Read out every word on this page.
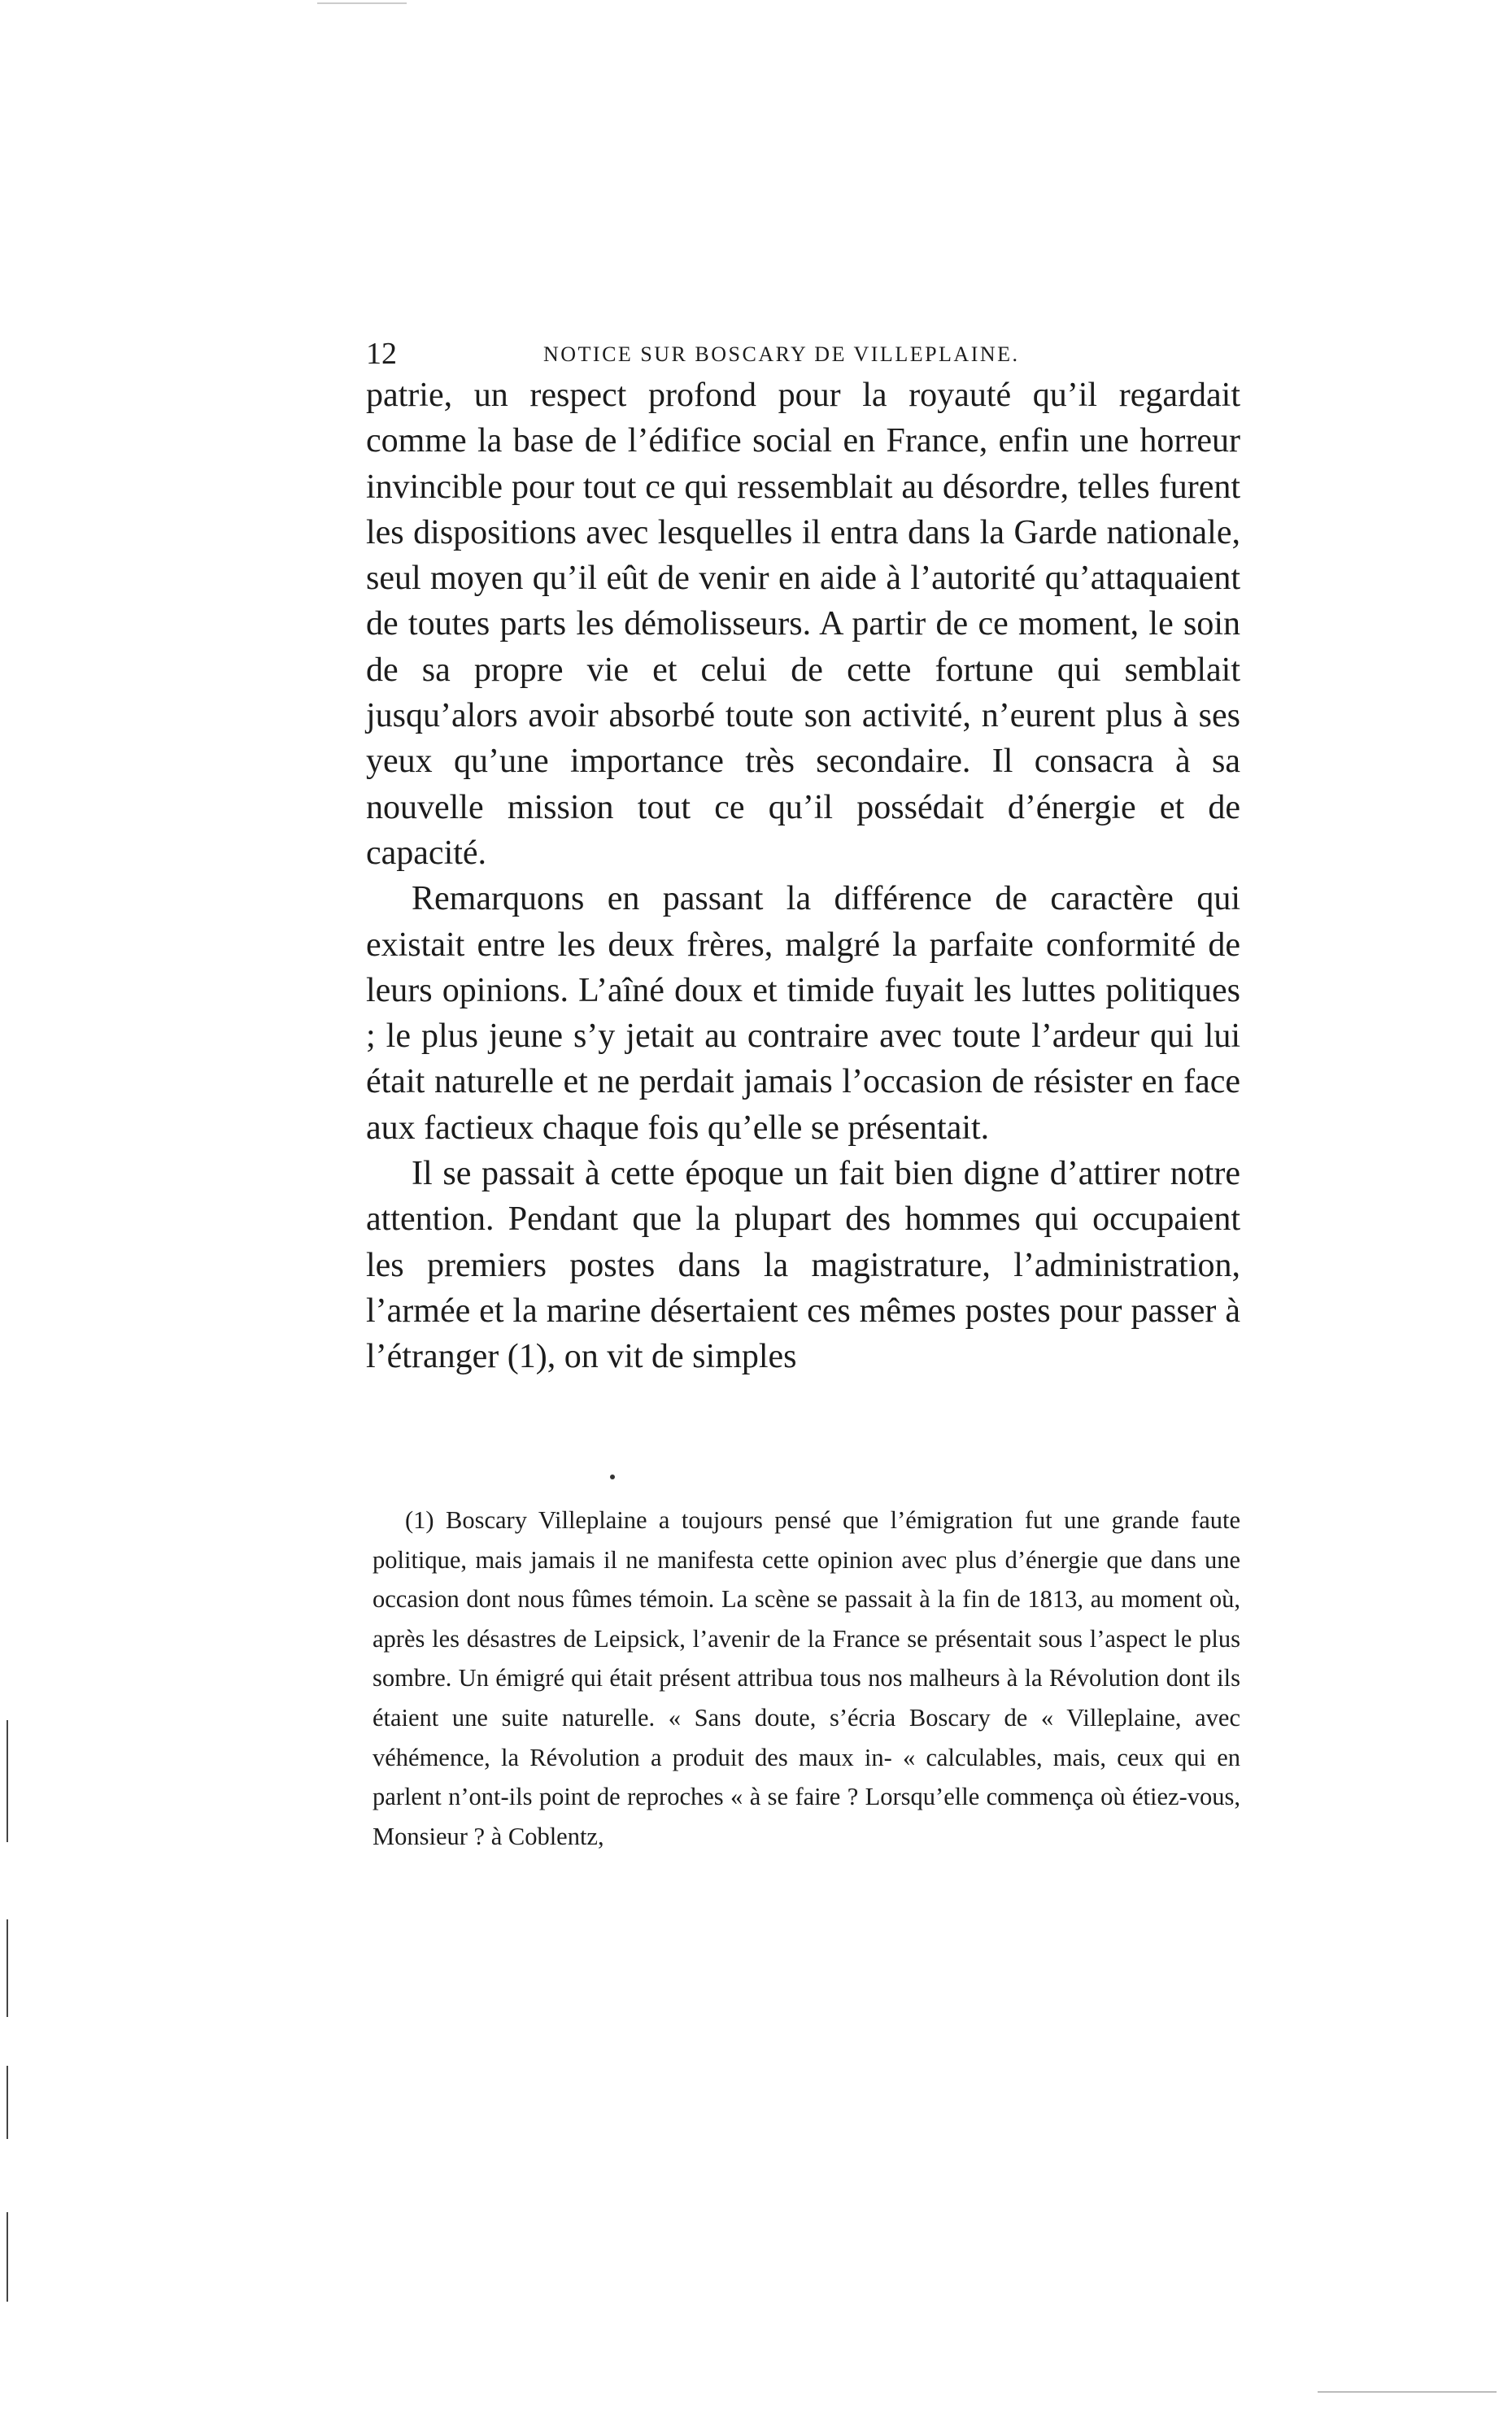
12	NOTICE SUR BOSCARY DE VILLEPLAINE.

patrie, un respect profond pour la royauté qu’il regardait comme la base de l’édifice social en France, enfin une horreur invincible pour tout ce qui ressemblait au désordre, telles furent les dispositions avec lesquelles il entra dans la Garde nationale, seul moyen qu’il eût de venir en aide à l’autorité qu’attaquaient de toutes parts les démolisseurs. A partir de ce moment, le soin de sa propre vie et celui de cette fortune qui semblait jusqu’alors avoir absorbé toute son activité, n’eurent plus à ses yeux qu’une importance très secondaire. Il consacra à sa nouvelle mission tout ce qu’il possédait d’énergie et de capacité.

Remarquons en passant la différence de caractère qui existait entre les deux frères, malgré la parfaite conformité de leurs opinions. L’aîné doux et timide fuyait les luttes politiques ; le plus jeune s’y jetait au contraire avec toute l’ardeur qui lui était naturelle et ne perdait jamais l’occasion de résister en face aux factieux chaque fois qu’elle se présentait.

Il se passait à cette époque un fait bien digne d’attirer notre attention. Pendant que la plupart des hommes qui occupaient les premiers postes dans la magistrature, l’administration, l’armée et la marine désertaient ces mêmes postes pour passer à l’étranger (1), on vit de simples

(1) Boscary Villeplaine a toujours pensé que l’émigration fut une grande faute politique, mais jamais il ne manifesta cette opinion avec plus d’énergie que dans une occasion dont nous fûmes témoin. La scène se passait à la fin de 1813, au moment où, après les désastres de Leipsick, l’avenir de la France se présentait sous l’aspect le plus sombre. Un émigré qui était présent attribua tous nos malheurs à la Révolution dont ils étaient une suite naturelle. « Sans doute, s’écria Boscary de « Villeplaine, avec véhémence, la Révolution a produit des maux in- « calculables, mais, ceux qui en parlent n’ont-ils point de reproches « à se faire ? Lorsqu’elle commença où étiez-vous, Monsieur ? à Coblentz,
